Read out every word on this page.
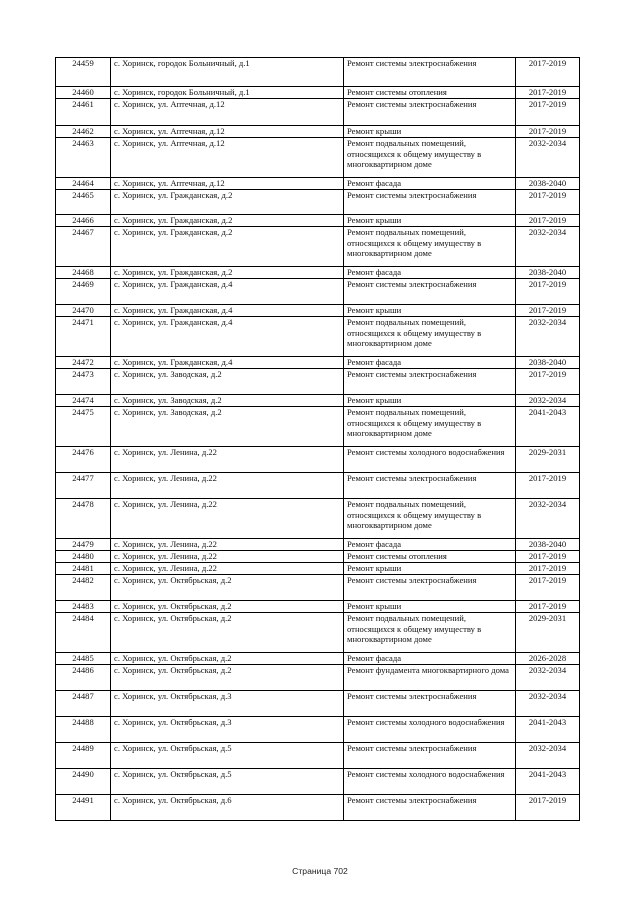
24459	с. Хоринск, городок Больничный, д.1	Ремонт системы электроснабжения	2017-2019
24460	с. Хоринск, городок Больничный, д.1	Ремонт системы отопления	2017-2019
24461	с. Хоринск, ул. Аптечная, д.12	Ремонт системы электроснабжения	2017-2019
24462	с. Хоринск, ул. Аптечная, д.12	Ремонт крыши	2017-2019
24463	с. Хоринск, ул. Аптечная, д.12	Ремонт подвальных помещений, относящихся к общему имуществу в многоквартирном доме	2032-2034
24464	с. Хоринск, ул. Аптечная, д.12	Ремонт фасада	2038-2040
24465	с. Хоринск, ул. Гражданская, д.2	Ремонт системы электроснабжения	2017-2019
24466	с. Хоринск, ул. Гражданская, д.2	Ремонт крыши	2017-2019
24467	с. Хоринск, ул. Гражданская, д.2	Ремонт подвальных помещений, относящихся к общему имуществу в многоквартирном доме	2032-2034
24468	с. Хоринск, ул. Гражданская, д.2	Ремонт фасада	2038-2040
24469	с. Хоринск, ул. Гражданская, д.4	Ремонт системы электроснабжения	2017-2019
24470	с. Хоринск, ул. Гражданская, д.4	Ремонт крыши	2017-2019
24471	с. Хоринск, ул. Гражданская, д.4	Ремонт подвальных помещений, относящихся к общему имуществу в многоквартирном доме	2032-2034
24472	с. Хоринск, ул. Гражданская, д.4	Ремонт фасада	2038-2040
24473	с. Хоринск, ул. Заводская, д.2	Ремонт системы электроснабжения	2017-2019
24474	с. Хоринск, ул. Заводская, д.2	Ремонт крыши	2032-2034
24475	с. Хоринск, ул. Заводская, д.2	Ремонт подвальных помещений, относящихся к общему имуществу в многоквартирном доме	2041-2043
24476	с. Хоринск, ул. Ленина, д.22	Ремонт системы холодного водоснабжения	2029-2031
24477	с. Хоринск, ул. Ленина, д.22	Ремонт системы электроснабжения	2017-2019
24478	с. Хоринск, ул. Ленина, д.22	Ремонт подвальных помещений, относящихся к общему имуществу в многоквартирном доме	2032-2034
24479	с. Хоринск, ул. Ленина, д.22	Ремонт фасада	2038-2040
24480	с. Хоринск, ул. Ленина, д.22	Ремонт системы отопления	2017-2019
24481	с. Хоринск, ул. Ленина, д.22	Ремонт крыши	2017-2019
24482	с. Хоринск, ул. Октябрьская, д.2	Ремонт системы электроснабжения	2017-2019
24483	с. Хоринск, ул. Октябрьская, д.2	Ремонт крыши	2017-2019
24484	с. Хоринск, ул. Октябрьская, д.2	Ремонт подвальных помещений, относящихся к общему имуществу в многоквартирном доме	2029-2031
24485	с. Хоринск, ул. Октябрьская, д.2	Ремонт фасада	2026-2028
24486	с. Хоринск, ул. Октябрьская, д.2	Ремонт фундамента многоквартирного дома	2032-2034
24487	с. Хоринск, ул. Октябрьская, д.3	Ремонт системы электроснабжения	2032-2034
24488	с. Хоринск, ул. Октябрьская, д.3	Ремонт системы холодного водоснабжения	2041-2043
24489	с. Хоринск, ул. Октябрьская, д.5	Ремонт системы электроснабжения	2032-2034
24490	с. Хоринск, ул. Октябрьская, д.5	Ремонт системы холодного водоснабжения	2041-2043
24491	с. Хоринск, ул. Октябрьская, д.6	Ремонт системы электроснабжения	2017-2019
Страница 702
